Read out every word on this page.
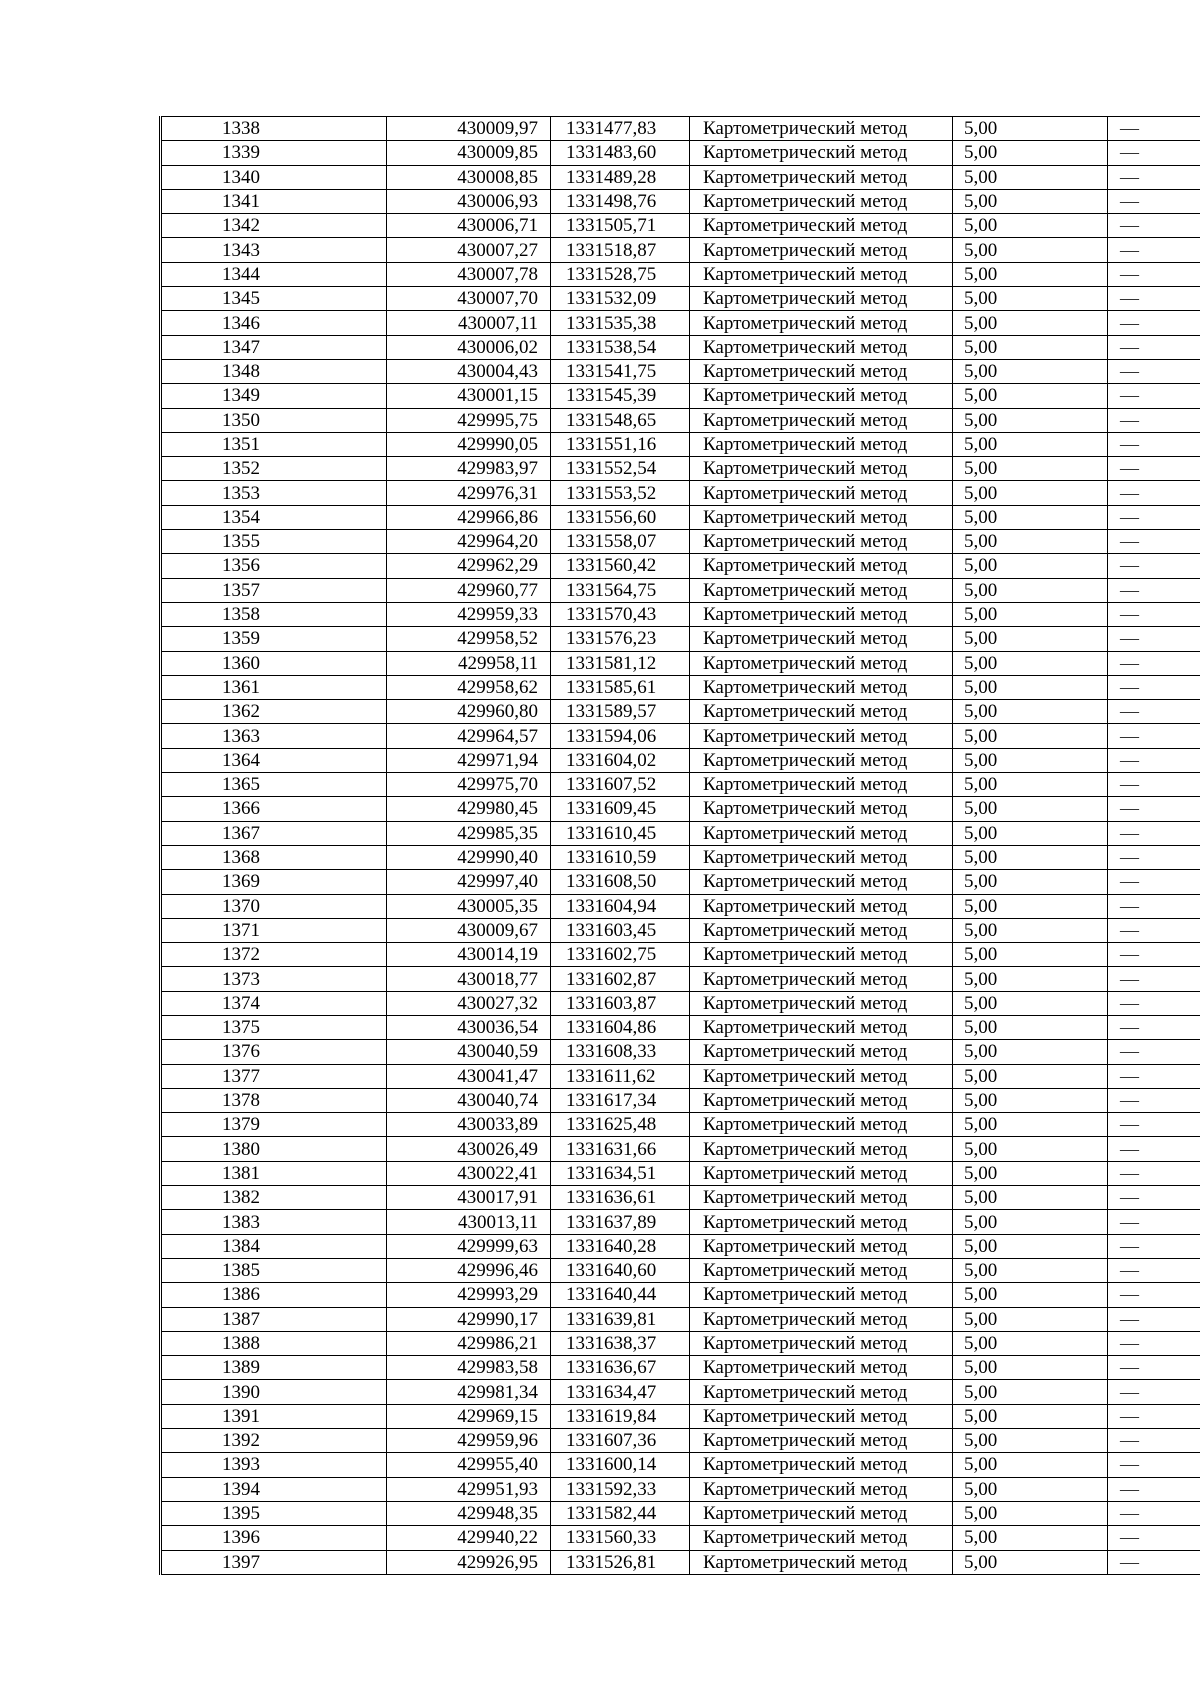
1338	430009,97	1331477,83	Картометрический метод	5,00	—
1339	430009,85	1331483,60	Картометрический метод	5,00	—
1340	430008,85	1331489,28	Картометрический метод	5,00	—
1341	430006,93	1331498,76	Картометрический метод	5,00	—
1342	430006,71	1331505,71	Картометрический метод	5,00	—
1343	430007,27	1331518,87	Картометрический метод	5,00	—
1344	430007,78	1331528,75	Картометрический метод	5,00	—
1345	430007,70	1331532,09	Картометрический метод	5,00	—
1346	430007,11	1331535,38	Картометрический метод	5,00	—
1347	430006,02	1331538,54	Картометрический метод	5,00	—
1348	430004,43	1331541,75	Картометрический метод	5,00	—
1349	430001,15	1331545,39	Картометрический метод	5,00	—
1350	429995,75	1331548,65	Картометрический метод	5,00	—
1351	429990,05	1331551,16	Картометрический метод	5,00	—
1352	429983,97	1331552,54	Картометрический метод	5,00	—
1353	429976,31	1331553,52	Картометрический метод	5,00	—
1354	429966,86	1331556,60	Картометрический метод	5,00	—
1355	429964,20	1331558,07	Картометрический метод	5,00	—
1356	429962,29	1331560,42	Картометрический метод	5,00	—
1357	429960,77	1331564,75	Картометрический метод	5,00	—
1358	429959,33	1331570,43	Картометрический метод	5,00	—
1359	429958,52	1331576,23	Картометрический метод	5,00	—
1360	429958,11	1331581,12	Картометрический метод	5,00	—
1361	429958,62	1331585,61	Картометрический метод	5,00	—
1362	429960,80	1331589,57	Картометрический метод	5,00	—
1363	429964,57	1331594,06	Картометрический метод	5,00	—
1364	429971,94	1331604,02	Картометрический метод	5,00	—
1365	429975,70	1331607,52	Картометрический метод	5,00	—
1366	429980,45	1331609,45	Картометрический метод	5,00	—
1367	429985,35	1331610,45	Картометрический метод	5,00	—
1368	429990,40	1331610,59	Картометрический метод	5,00	—
1369	429997,40	1331608,50	Картометрический метод	5,00	—
1370	430005,35	1331604,94	Картометрический метод	5,00	—
1371	430009,67	1331603,45	Картометрический метод	5,00	—
1372	430014,19	1331602,75	Картометрический метод	5,00	—
1373	430018,77	1331602,87	Картометрический метод	5,00	—
1374	430027,32	1331603,87	Картометрический метод	5,00	—
1375	430036,54	1331604,86	Картометрический метод	5,00	—
1376	430040,59	1331608,33	Картометрический метод	5,00	—
1377	430041,47	1331611,62	Картометрический метод	5,00	—
1378	430040,74	1331617,34	Картометрический метод	5,00	—
1379	430033,89	1331625,48	Картометрический метод	5,00	—
1380	430026,49	1331631,66	Картометрический метод	5,00	—
1381	430022,41	1331634,51	Картометрический метод	5,00	—
1382	430017,91	1331636,61	Картометрический метод	5,00	—
1383	430013,11	1331637,89	Картометрический метод	5,00	—
1384	429999,63	1331640,28	Картометрический метод	5,00	—
1385	429996,46	1331640,60	Картометрический метод	5,00	—
1386	429993,29	1331640,44	Картометрический метод	5,00	—
1387	429990,17	1331639,81	Картометрический метод	5,00	—
1388	429986,21	1331638,37	Картометрический метод	5,00	—
1389	429983,58	1331636,67	Картометрический метод	5,00	—
1390	429981,34	1331634,47	Картометрический метод	5,00	—
1391	429969,15	1331619,84	Картометрический метод	5,00	—
1392	429959,96	1331607,36	Картометрический метод	5,00	—
1393	429955,40	1331600,14	Картометрический метод	5,00	—
1394	429951,93	1331592,33	Картометрический метод	5,00	—
1395	429948,35	1331582,44	Картометрический метод	5,00	—
1396	429940,22	1331560,33	Картометрический метод	5,00	—
1397	429926,95	1331526,81	Картометрический метод	5,00	—
